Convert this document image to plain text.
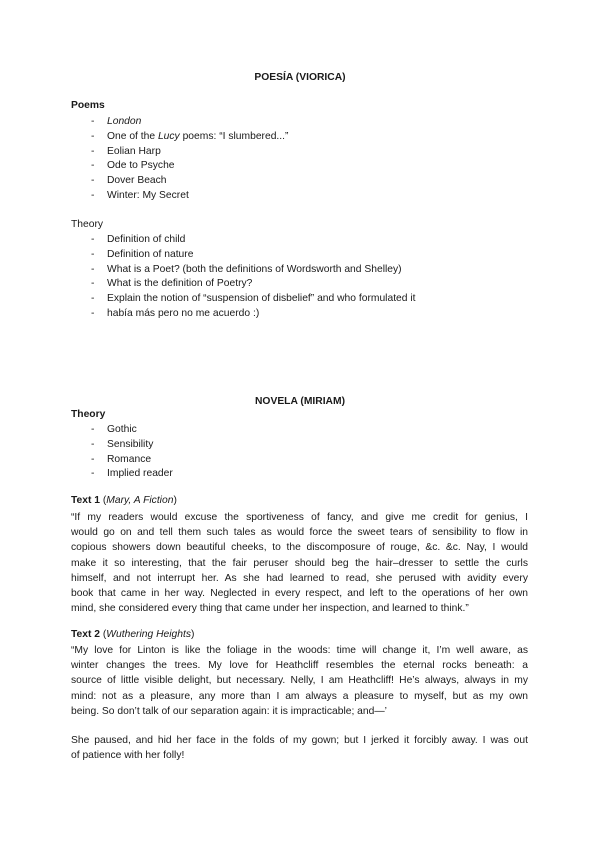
POESÍA (VIORICA)
Poems
- London
- One of the Lucy poems: “I slumbered...”
- Eolian Harp
- Ode to Psyche
- Dover Beach
- Winter: My Secret
Theory
- Definition of child
- Definition of nature
- What is a Poet? (both the definitions of Wordsworth and Shelley)
- What is the definition of Poetry?
- Explain the notion of “suspension of disbelief” and who formulated it
- había más pero no me acuerdo :)
NOVELA (MIRIAM)
Theory
- Gothic
- Sensibility
- Romance
- Implied reader
Text 1 (Mary, A Fiction)
“If my readers would excuse the sportiveness of fancy, and give me credit for genius, I
would go on and tell them such tales as would force the sweet tears of sensibility to flow in
copious showers down beautiful cheeks, to the discomposure of rouge, &c. &c. Nay, I would
make it so interesting, that the fair peruser should beg the hair–dresser to settle the curls
himself, and not interrupt her. As she had learned to read, she perused with avidity every
book that came in her way. Neglected in every respect, and left to the operations of her own
mind, she considered every thing that came under her inspection, and learned to think.”
Text 2 (Wuthering Heights)
“My love for Linton is like the foliage in the woods: time will change it, I’m well aware, as
winter changes the trees. My love for Heathcliff resembles the eternal rocks beneath: a
source of little visible delight, but necessary. Nelly, I am Heathcliff! He’s always, always in my
mind: not as a pleasure, any more than I am always a pleasure to myself, but as my own
being. So don’t talk of our separation again: it is impracticable; and—’
She paused, and hid her face in the folds of my gown; but I jerked it forcibly away. I was out
of patience with her folly!
